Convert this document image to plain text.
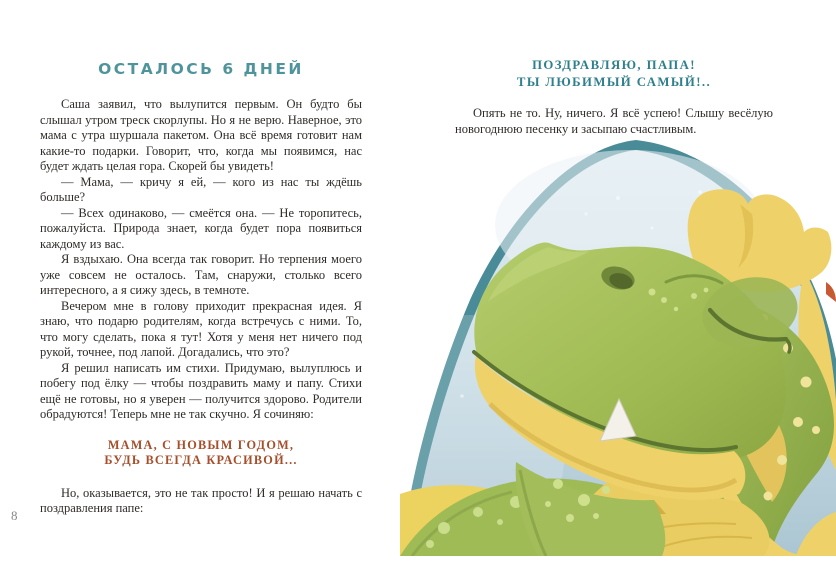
ОСТАЛОСЬ 6 ДНЕЙ

Саша заявил, что вылупится первым. Он будто бы слышал утром треск скорлупы. Но я не верю. Наверное, это мама с утра шуршала пакетом. Она всё время готовит нам какие-то подарки. Говорит, что, когда мы появимся, нас будет ждать целая гора. Скорей бы увидеть!

— Мама, — кричу я ей, — кого из нас ты ждёшь больше?

— Всех одинаково, — смеётся она. — Не торопитесь, пожалуйста. Природа знает, когда будет пора появиться каждому из вас.

Я вздыхаю. Она всегда так говорит. Но терпения моего уже совсем не осталось. Там, снаружи, столько всего интересного, а я сижу здесь, в темноте.

Вечером мне в голову приходит прекрасная идея. Я знаю, что подарю родителям, когда встречусь с ними. То, что могу сделать, пока я тут! Хотя у меня нет ничего под рукой, точнее, под лапой. Догадались, что это?

Я решил написать им стихи. Придумаю, вылуплюсь и побегу под ёлку — чтобы поздравить маму и папу. Стихи ещё не готовы, но я уверен — получится здорово. Родители обрадуются! Теперь мне не так скучно. Я сочиняю:

МАМА, С НОВЫМ ГОДОМ,
БУДЬ ВСЕГДА КРАСИВОЙ...

Но, оказывается, это не так просто! И я решаю начать с поздравления папе:

8
ПОЗДРАВЛЯЮ, ПАПА!
ТЫ ЛЮБИМЫЙ САМЫЙ!..

Опять не то. Ну, ничего. Я всё успею! Слышу весёлую новогоднюю песенку и засыпаю счастливым.
